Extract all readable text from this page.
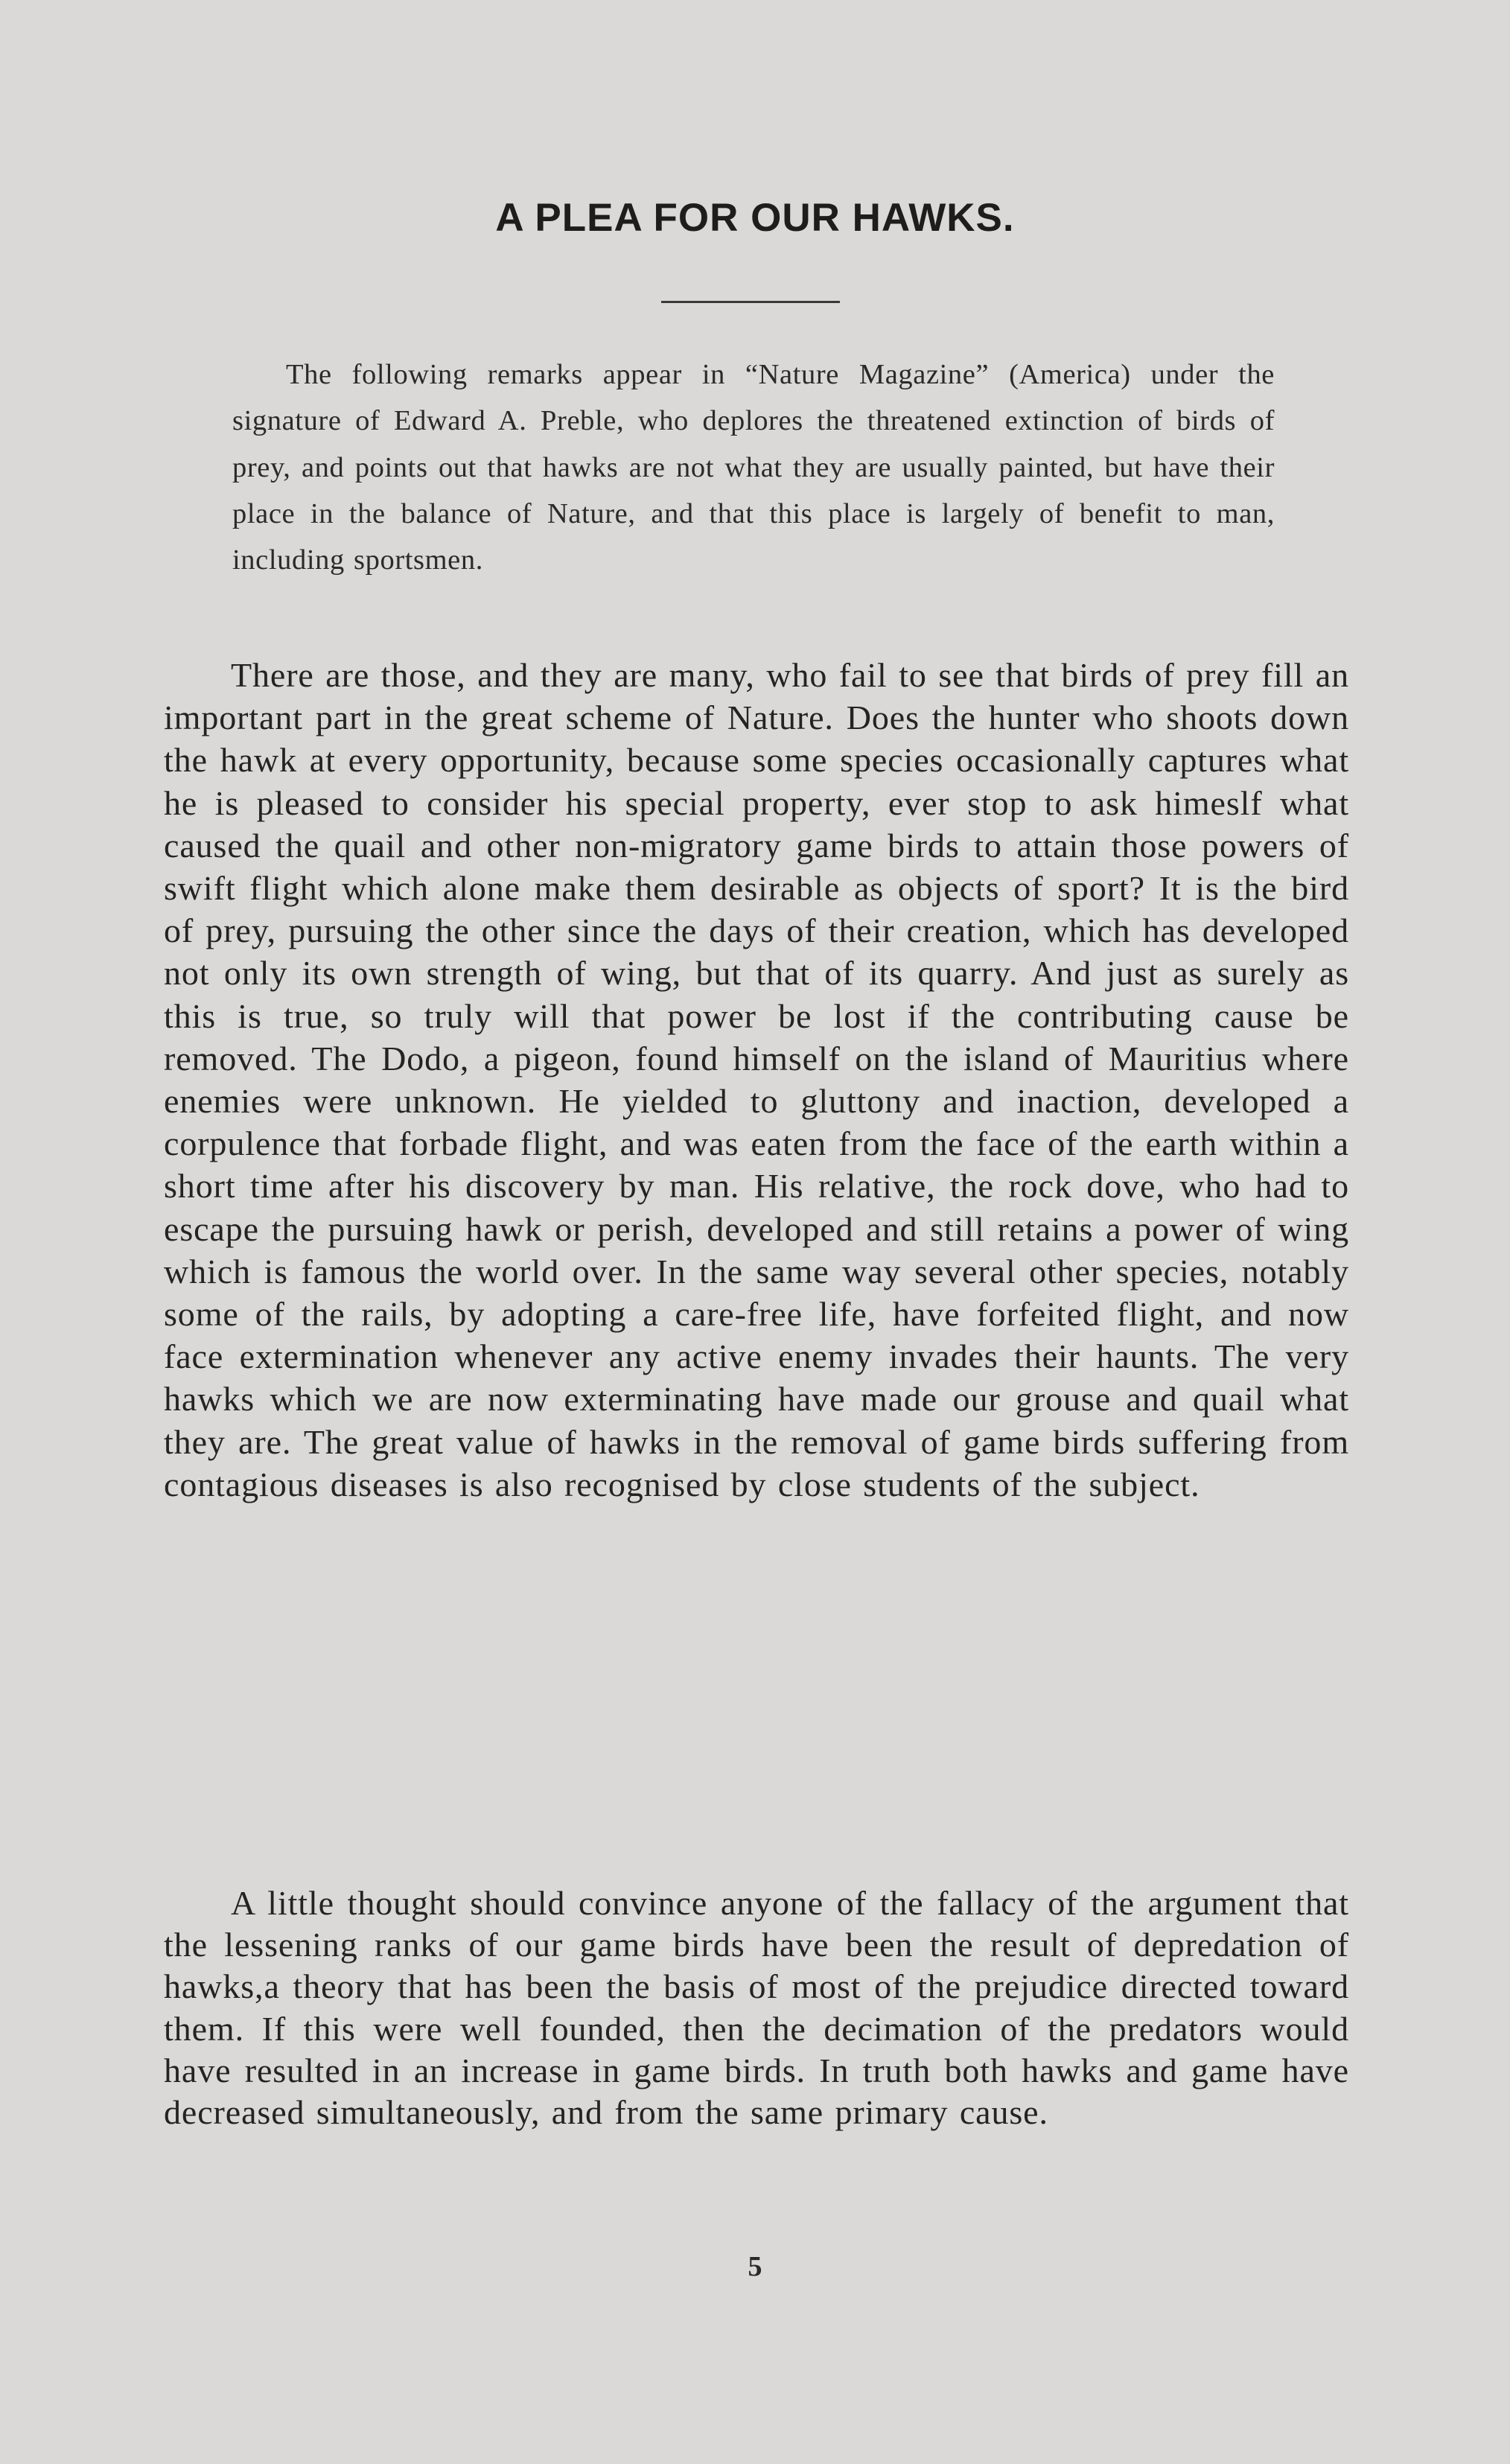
A PLEA FOR OUR HAWKS.

The following remarks appear in “Nature Magazine” (America) under the signature of Edward A. Preble, who deplores the threatened extinction of birds of prey, and points out that hawks are not what they are usually painted, but have their place in the balance of Nature, and that this place is largely of benefit to man, including sportsmen.

There are those, and they are many, who fail to see that birds of prey fill an important part in the great scheme of Nature. Does the hunter who shoots down the hawk at every opportunity, because some species occasionally captures what he is pleased to consider his special property, ever stop to ask himeslf what caused the quail and other non-migratory game birds to attain those powers of swift flight which alone make them desirable as objects of sport? It is the bird of prey, pursuing the other since the days of their creation, which has developed not only its own strength of wing, but that of its quarry. And just as surely as this is true, so truly will that power be lost if the contributing cause be removed. The Dodo, a pigeon, found himself on the island of Mauritius where enemies were unknown. He yielded to gluttony and inaction, developed a corpulence that forbade flight, and was eaten from the face of the earth within a short time after his discovery by man. His relative, the rock dove, who had to escape the pursuing hawk or perish, developed and still retains a power of wing which is famous the world over. In the same way several other species, notably some of the rails, by adopting a care-free life, have forfeited flight, and now face extermination whenever any active enemy invades their haunts. The very hawks which we are now exterminating have made our grouse and quail what they are. The great value of hawks in the removal of game birds suffering from contagious diseases is also recognised by close students of the subject.

A little thought should convince anyone of the fallacy of the argument that the lessening ranks of our game birds have been the result of depredation of hawks,a theory that has been the basis of most of the prejudice directed toward them. If this were well founded, then the decimation of the predators would have resulted in an increase in game birds. In truth both hawks and game have decreased simultaneously, and from the same primary cause.

5
